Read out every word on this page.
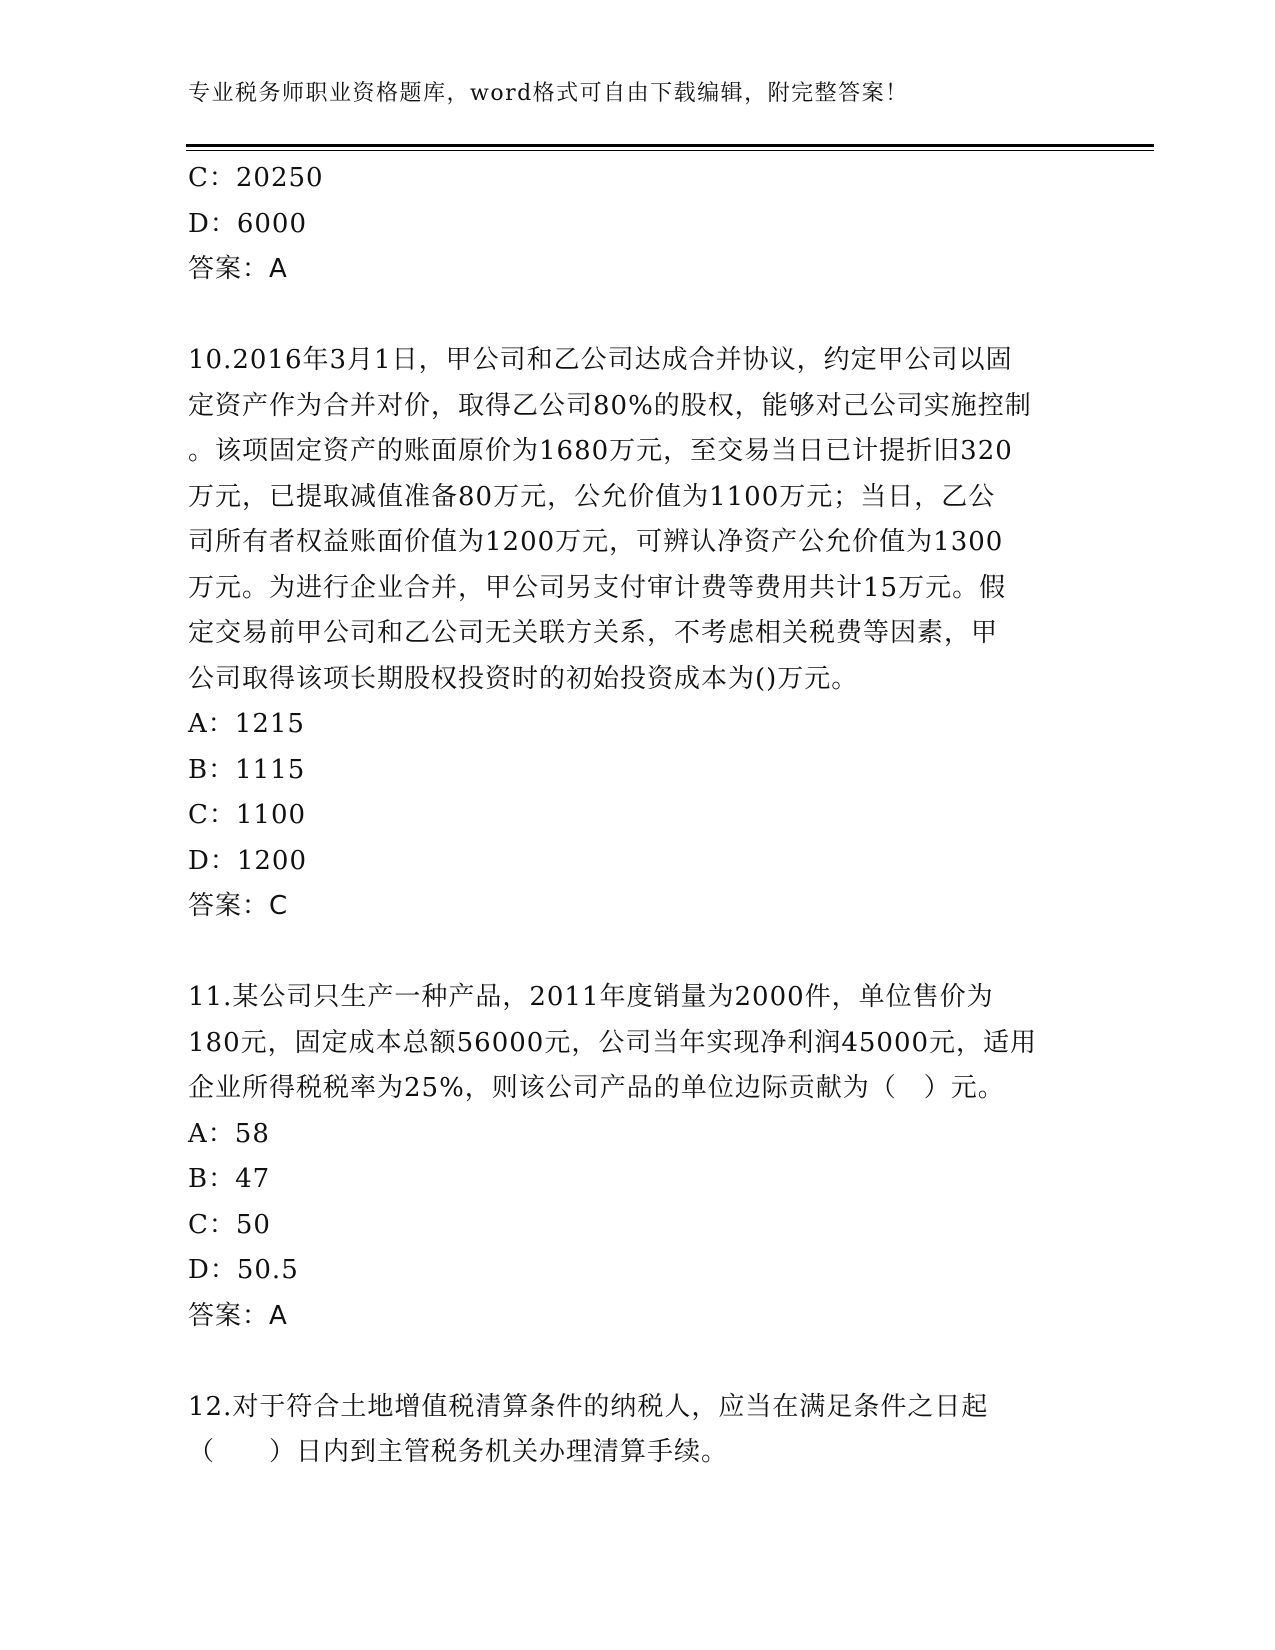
专业税务师职业资格题库，word格式可自由下载编辑，附完整答案！
C：20250
D：6000
答案：A
10.2016年3月1日，甲公司和乙公司达成合并协议，约定甲公司以固
定资产作为合并对价，取得乙公司80%的股权，能够对己公司实施控制
。该项固定资产的账面原价为1680万元，至交易当日已计提折旧320
万元，已提取减值准备80万元，公允价值为1100万元；当日，乙公
司所有者权益账面价值为1200万元，可辨认净资产公允价值为1300
万元。为进行企业合并，甲公司另支付审计费等费用共计15万元。假
定交易前甲公司和乙公司无关联方关系，不考虑相关税费等因素，甲
公司取得该项长期股权投资时的初始投资成本为()万元。
A：1215
B：1115
C：1100
D：1200
答案：C
11.某公司只生产一种产品，2011年度销量为2000件，单位售价为
180元，固定成本总额56000元，公司当年实现净利润45000元，适用
企业所得税税率为25%，则该公司产品的单位边际贡献为（　）元。
A：58
B：47
C：50
D：50.5
答案：A
12.对于符合土地增值税清算条件的纳税人，应当在满足条件之日起
（　　）日内到主管税务机关办理清算手续。
